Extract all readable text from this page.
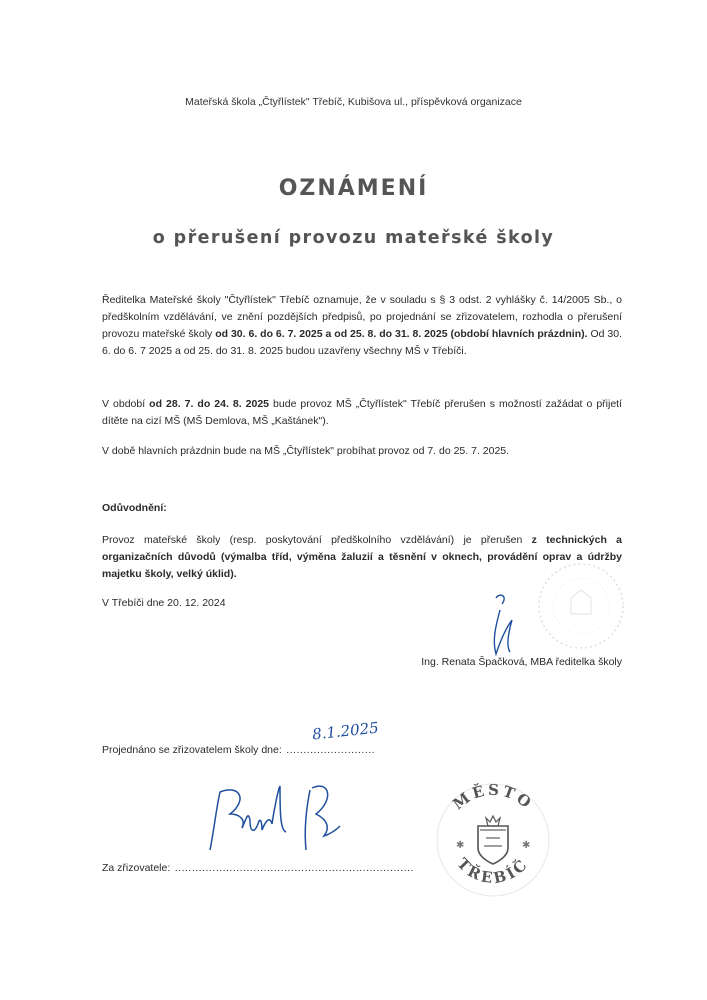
Mateřská škola „Čtyřlístek" Třebíč, Kubišova ul., příspěvková organizace
OZNÁMENÍ
o přerušení provozu mateřské školy
Ředitelka Mateřské školy "Čtyřlístek" Třebíč oznamuje, že v souladu s § 3 odst. 2 vyhlášky č. 14/2005 Sb., o předškolním vzdělávání, ve znění pozdějších předpisů, po projednání se zřizovatelem, rozhodla o přerušení provozu mateřské školy od 30. 6. do 6. 7. 2025 a od 25. 8. do 31. 8. 2025 (období hlavních prázdnin). Od 30. 6. do 6. 7 2025 a od 25. do 31. 8. 2025 budou uzavřeny všechny MŠ v Třebíči.
V období od 28. 7. do 24. 8. 2025 bude provoz MŠ „Čtyřlístek" Třebíč přerušen s možností zažádat o přijetí dítěte na cizí MŠ (MŠ Demlova, MŠ „Kaštánek").
V době hlavních prázdnin bude na MŠ „Čtyřlístek" probíhat provoz od 7. do 25. 7. 2025.
Odůvodnění:
Provoz mateřské školy (resp. poskytování předškolního vzdělávání) je přerušen z technických a organizačních důvodů (výmalba tříd, výměna žaluzií a těsnění v oknech, provádění oprav a údržby majetku školy, velký úklid).
V Třebíči dne 20. 12. 2024
Ing. Renata Špačková, MBA ředitelka školy
Projednáno se zřizovatelem školy dne: ..........................
8.1.2025
Za zřizovatele: ......................................................................
MĚSTO
TŘEBÍČ
✱	✱
